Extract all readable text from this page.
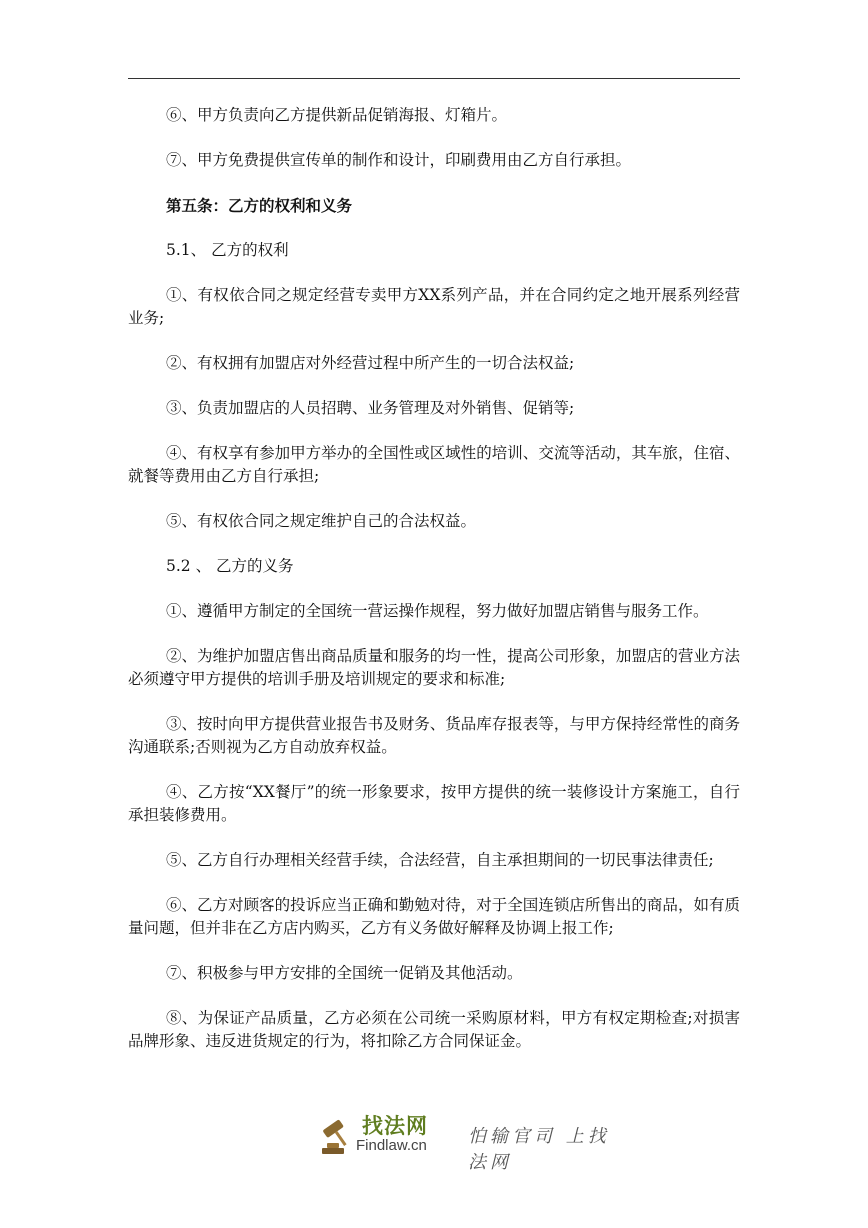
⑥、甲方负责向乙方提供新品促销海报、灯箱片。

⑦、甲方免费提供宣传单的制作和设计，印刷费用由乙方自行承担。

第五条：乙方的权利和义务

5.1、 乙方的权利

①、有权依合同之规定经营专卖甲方XX系列产品，并在合同约定之地开展系列经营业务;

②、有权拥有加盟店对外经营过程中所产生的一切合法权益;

③、负责加盟店的人员招聘、业务管理及对外销售、促销等;

④、有权享有参加甲方举办的全国性或区域性的培训、交流等活动，其车旅，住宿、就餐等费用由乙方自行承担;

⑤、有权依合同之规定维护自己的合法权益。

5.2 、 乙方的义务

①、遵循甲方制定的全国统一营运操作规程，努力做好加盟店销售与服务工作。

②、为维护加盟店售出商品质量和服务的均一性，提高公司形象，加盟店的营业方法必须遵守甲方提供的培训手册及培训规定的要求和标准;

③、按时向甲方提供营业报告书及财务、货品库存报表等，与甲方保持经常性的商务沟通联系;否则视为乙方自动放弃权益。

④、乙方按“XX餐厅”的统一形象要求，按甲方提供的统一装修设计方案施工，自行承担装修费用。

⑤、乙方自行办理相关经营手续，合法经营，自主承担期间的一切民事法律责任;

⑥、乙方对顾客的投诉应当正确和勤勉对待，对于全国连锁店所售出的商品，如有质量问题，但并非在乙方店内购买，乙方有义务做好解释及协调上报工作;

⑦、积极参与甲方安排的全国统一促销及其他活动。

⑧、为保证产品质量，乙方必须在公司统一采购原材料，甲方有权定期检查;对损害品牌形象、违反进货规定的行为，将扣除乙方合同保证金。

找法网
Findlaw.cn 怕输官司 上找法网
